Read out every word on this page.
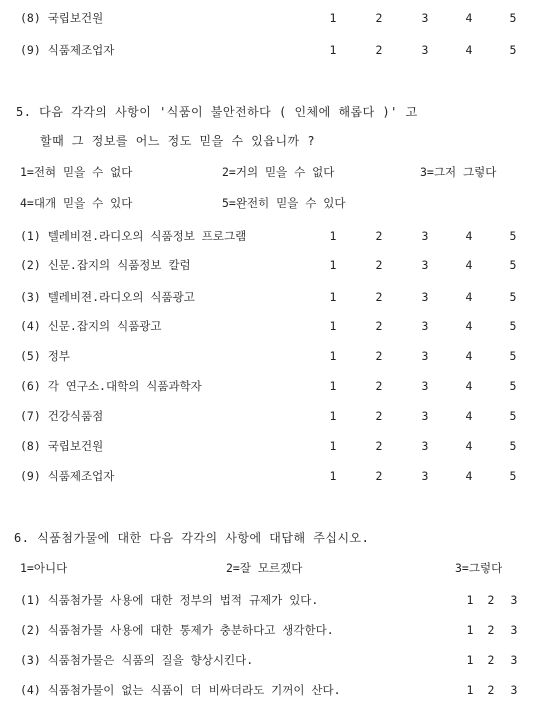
(8) 국립보건원	1	2	3	4	5
(9) 식품제조업자	1	2	3	4	5
5. 다음 각각의 사항이 '식품이 불안전하다 ( 인체에 해롭다 )' 고
할때 그 정보를 어느 정도 믿을 수 있읍니까 ?
1=전혀 믿을 수 없다	2=거의 믿을 수 없다	3=그저 그렇다
4=대개 믿을 수 있다	5=완전히 믿을 수 있다
(1) 텔레비젼.라디오의 식품정보 프로그램	1	2	3	4	5
(2) 신문.잡지의 식품정보 칼럼	1	2	3	4	5
(3) 텔레비젼.라디오의 식품광고	1	2	3	4	5
(4) 신문.잡지의 식품광고	1	2	3	4	5
(5) 정부	1	2	3	4	5
(6) 각 연구소.대학의 식품과학자	1	2	3	4	5
(7) 건강식품점	1	2	3	4	5
(8) 국립보건원	1	2	3	4	5
(9) 식품제조업자	1	2	3	4	5
6. 식품첨가물에 대한 다음 각각의 사항에 대답해 주십시오.
1=아니다	2=잘 모르겠다	3=그렇다
(1) 식품첨가물 사용에 대한 정부의 법적 규제가 있다.	1	2	3
(2) 식품첨가물 사용에 대한 통제가 충분하다고 생각한다.	1	2	3
(3) 식품첨가물은 식품의 질을 향상시킨다.	1	2	3
(4) 식품첨가물이 없는 식품이 더 비싸더라도 기꺼이 산다.	1	2	3
